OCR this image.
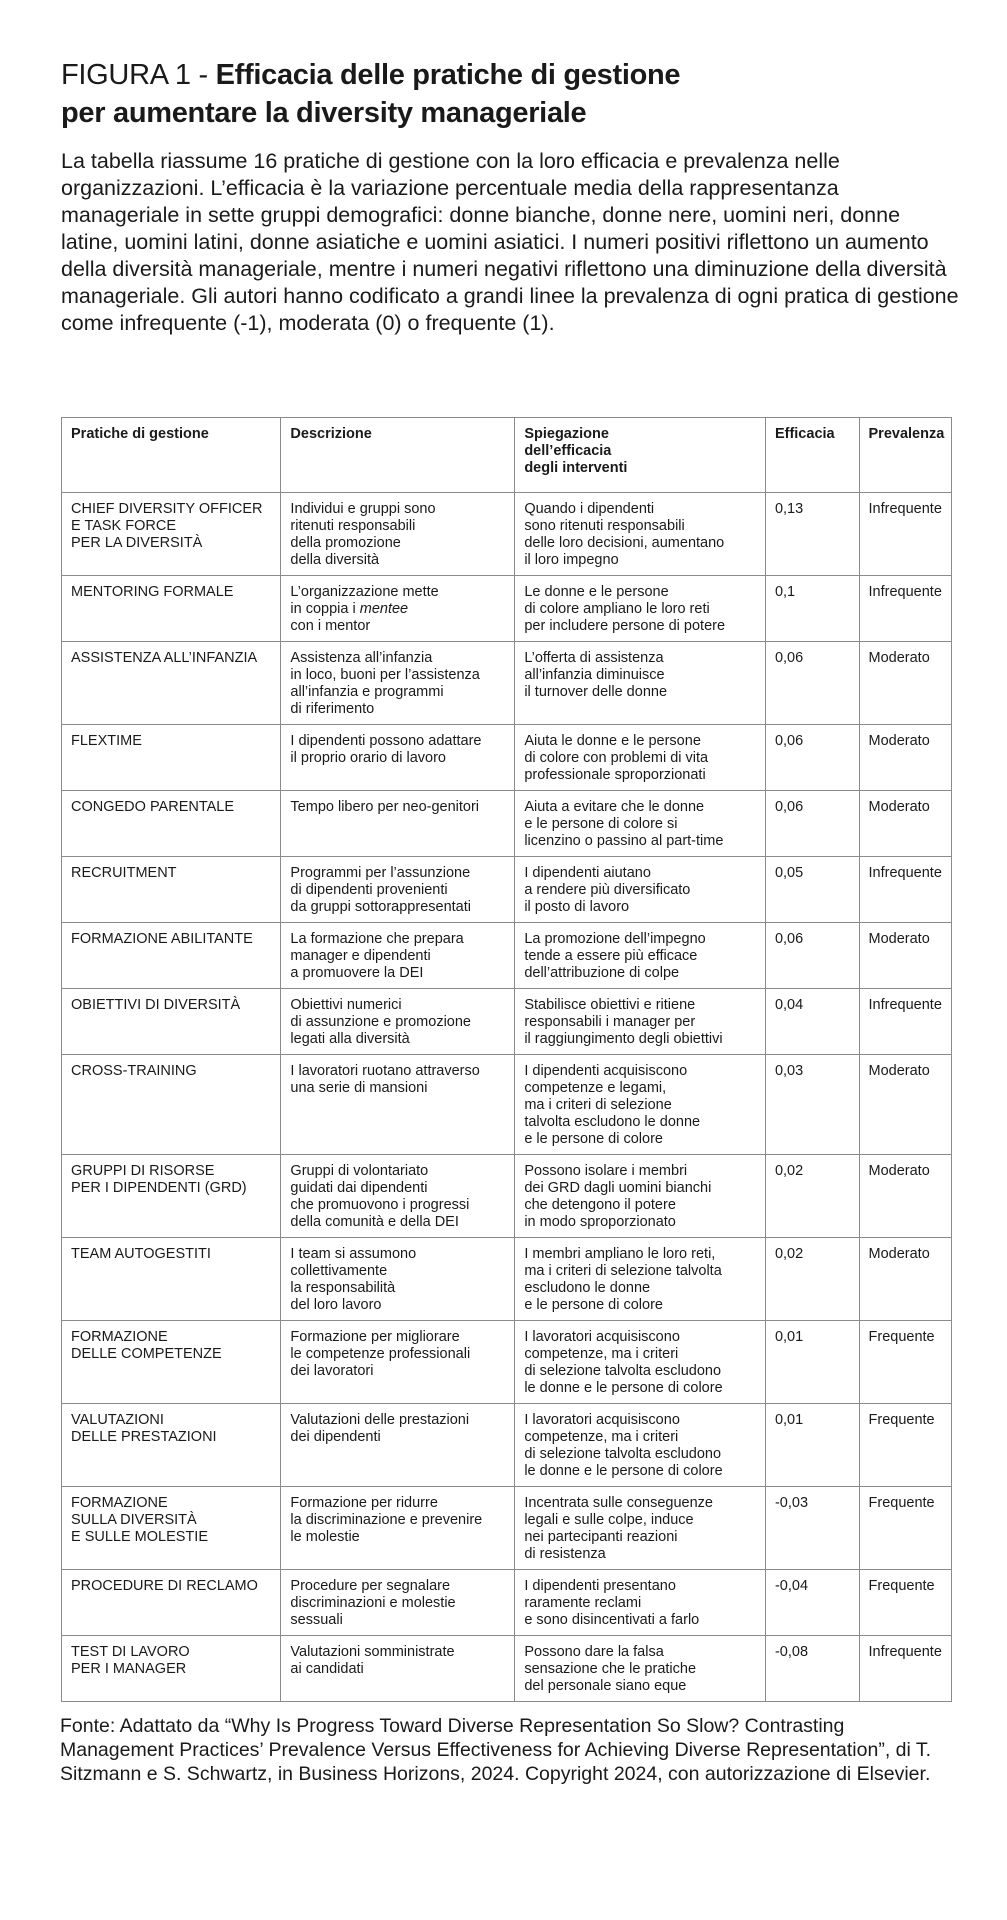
FIGURA 1 - Efficacia delle pratiche di gestione
per aumentare la diversity manageriale
La tabella riassume 16 pratiche di gestione con la loro efficacia e prevalenza nelle organizzazioni. L’efficacia è la variazione percentuale media della rappresentanza manageriale in sette gruppi demografici: donne bianche, donne nere, uomini neri, donne latine, uomini latini, donne asiatiche e uomini asiatici. I numeri positivi riflettono un aumento della diversità manageriale, mentre i numeri negativi riflettono una diminuzione della diversità manageriale. Gli autori hanno codificato a grandi linee la prevalenza di ogni pratica di gestione come infrequente (-1), moderata (0) o frequente (1).
Pratiche di gestione	Descrizione	Spiegazione
dell’efficacia
degli interventi	Efficacia	Prevalenza
CHIEF DIVERSITY OFFICER
E TASK FORCE
PER LA DIVERSITÀ	Individui e gruppi sono
ritenuti responsabili
della promozione
della diversità	Quando i dipendenti
sono ritenuti responsabili
delle loro decisioni, aumentano
il loro impegno	0,13	Infrequente
MENTORING FORMALE	L’organizzazione mette
in coppia i mentee
con i mentor	Le donne e le persone
di colore ampliano le loro reti
per includere persone di potere	0,1	Infrequente
ASSISTENZA ALL’INFANZIA	Assistenza all’infanzia
in loco, buoni per l’assistenza
all’infanzia e programmi
di riferimento	L’offerta di assistenza
all’infanzia diminuisce
il turnover delle donne	0,06	Moderato
FLEXTIME	I dipendenti possono adattare
il proprio orario di lavoro	Aiuta le donne e le persone
di colore con problemi di vita
professionale sproporzionati	0,06	Moderato
CONGEDO PARENTALE	Tempo libero per neo-genitori	Aiuta a evitare che le donne
e le persone di colore si
licenzino o passino al part-time	0,06	Moderato
RECRUITMENT	Programmi per l’assunzione
di dipendenti provenienti
da gruppi sottorappresentati	I dipendenti aiutano
a rendere più diversificato
il posto di lavoro	0,05	Infrequente
FORMAZIONE ABILITANTE	La formazione che prepara
manager e dipendenti
a promuovere la DEI	La promozione dell’impegno
tende a essere più efficace
dell’attribuzione di colpe	0,06	Moderato
OBIETTIVI DI DIVERSITÀ	Obiettivi numerici
di assunzione e promozione
legati alla diversità	Stabilisce obiettivi e ritiene
responsabili i manager per
il raggiungimento degli obiettivi	0,04	Infrequente
CROSS-TRAINING	I lavoratori ruotano attraverso
una serie di mansioni	I dipendenti acquisiscono
competenze e legami,
ma i criteri di selezione
talvolta escludono le donne
e le persone di colore	0,03	Moderato
GRUPPI DI RISORSE
PER I DIPENDENTI (GRD)	Gruppi di volontariato
guidati dai dipendenti
che promuovono i progressi
della comunità e della DEI	Possono isolare i membri
dei GRD dagli uomini bianchi
che detengono il potere
in modo sproporzionato	0,02	Moderato
TEAM AUTOGESTITI	I team si assumono
collettivamente
la responsabilità
del loro lavoro	I membri ampliano le loro reti,
ma i criteri di selezione talvolta
escludono le donne
e le persone di colore	0,02	Moderato
FORMAZIONE
DELLE COMPETENZE	Formazione per migliorare
le competenze professionali
dei lavoratori	I lavoratori acquisiscono
competenze, ma i criteri
di selezione talvolta escludono
le donne e le persone di colore	0,01	Frequente
VALUTAZIONI
DELLE PRESTAZIONI	Valutazioni delle prestazioni
dei dipendenti	I lavoratori acquisiscono
competenze, ma i criteri
di selezione talvolta escludono
le donne e le persone di colore	0,01	Frequente
FORMAZIONE
SULLA DIVERSITÀ
E SULLE MOLESTIE	Formazione per ridurre
la discriminazione e prevenire
le molestie	Incentrata sulle conseguenze
legali e sulle colpe, induce
nei partecipanti reazioni
di resistenza	-0,03	Frequente
PROCEDURE DI RECLAMO	Procedure per segnalare
discriminazioni e molestie
sessuali	I dipendenti presentano
raramente reclami
e sono disincentivati a farlo	-0,04	Frequente
TEST DI LAVORO
PER I MANAGER	Valutazioni somministrate
ai candidati	Possono dare la falsa
sensazione che le pratiche
del personale siano eque	-0,08	Infrequente
Fonte: Adattato da “Why Is Progress Toward Diverse Representation So Slow? Contrasting Management Practices’ Prevalence Versus Effectiveness for Achieving Diverse Representation”, di T. Sitzmann e S. Schwartz, in Business Horizons, 2024. Copyright 2024, con autorizzazione di Elsevier.
